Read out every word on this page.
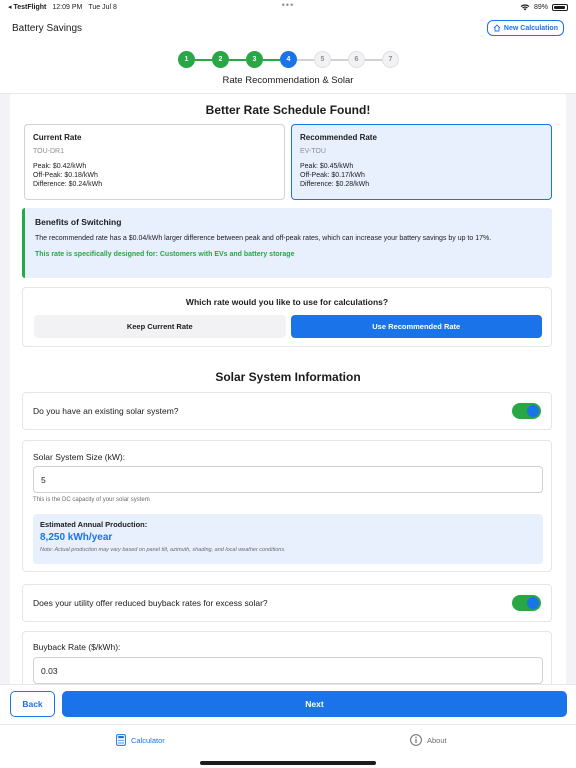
◂ TestFlight 12:09 PM Tue Jul 8	•••	89%
Battery Savings	New Calculation
1	2	3	4	5	6	7
Rate Recommendation & Solar
Better Rate Schedule Found!
Current Rate
TOU-DR1
Peak: $0.42/kWh
Off-Peak: $0.18/kWh
Difference: $0.24/kWh
Recommended Rate
EV-TOU
Peak: $0.45/kWh
Off-Peak: $0.17/kWh
Difference: $0.28/kWh
Benefits of Switching

The recommended rate has a $0.04/kWh larger difference between peak and off-peak rates, which can increase your battery savings by up to 17%.

This rate is specifically designed for: Customers with EVs and battery storage

Which rate would you like to use for calculations?
Keep Current Rate	Use Recommended Rate
Solar System Information
Do you have an existing solar system?
Solar System Size (kW):
5
This is the DC capacity of your solar system
Estimated Annual Production:
8,250 kWh/year
Note: Actual production may vary based on panel tilt, azimuth, shading, and local weather conditions.
Does your utility offer reduced buyback rates for excess solar?
Buyback Rate ($/kWh):
0.03
Back	Next
Calculator	About
